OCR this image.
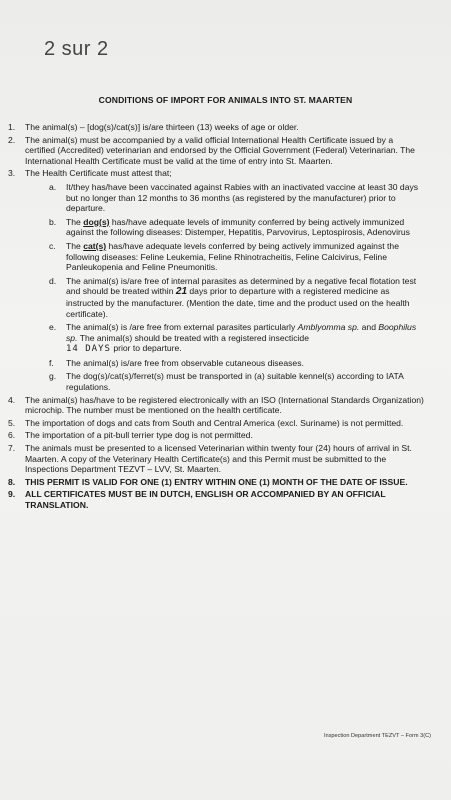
2 sur 2
CONDITIONS OF IMPORT FOR ANIMALS INTO ST. MAARTEN
1.	The animal(s) – [dog(s)/cat(s)] is/are thirteen (13) weeks of age or older.
2.	The animal(s) must be accompanied by a valid official International Health Certificate issued by a certified (Accredited) veterinarian and endorsed by the Official Government (Federal) Veterinarian. The International Health Certificate must be valid at the time of entry into St. Maarten.
3.	The Health Certificate must attest that;
a.	It/they has/have been vaccinated against Rabies with an inactivated vaccine at least 30 days but no longer than 12 months to 36 months (as registered by the manufacturer) prior to departure.
b.	The dog(s) has/have adequate levels of immunity conferred by being actively immunized against the following diseases: Distemper, Hepatitis, Parvovirus, Leptospirosis, Adenovirus
c.	The cat(s) has/have adequate levels conferred by being actively immunized against the following diseases: Feline Leukemia, Feline Rhinotracheitis, Feline Calcivirus, Feline Panleukopenia and Feline Pneumonitis.
d.	The animal(s) is/are free of internal parasites as determined by a negative fecal flotation test and should be treated within 21 days prior to departure with a registered medicine as instructed by the manufacturer. (Mention the date, time and the product used on the health certificate).
e.	The animal(s) is /are free from external parasites particularly Amblyomma sp. and Boophilus sp. The animal(s) should be treated with a registered insecticide
14 DAYS prior to departure.
f.	The animal(s) is/are free from observable cutaneous diseases.
g.	The dog(s)/cat(s)/ferret(s) must be transported in (a) suitable kennel(s) according to IATA regulations.
4.	The animal(s) has/have to be registered electronically with an ISO (International Standards Organization) microchip. The number must be mentioned on the health certificate.
5.	The importation of dogs and cats from South and Central America (excl. Suriname) is not permitted.
6.	The importation of a pit-bull terrier type dog is not permitted.
7.	The animals must be presented to a licensed Veterinarian within twenty four (24) hours of arrival in St. Maarten. A copy of the Veterinary Health Certificate(s) and this Permit must be submitted to the Inspections Department TEZVT – LVV, St. Maarten.
8.	THIS PERMIT IS VALID FOR ONE (1) ENTRY WITHIN ONE (1) MONTH OF THE DATE OF ISSUE.
9.	ALL CERTIFICATES MUST BE IN DUTCH, ENGLISH OR ACCOMPANIED BY AN OFFICIAL TRANSLATION.
Inspection Department TEZVT – Form 3(C)
